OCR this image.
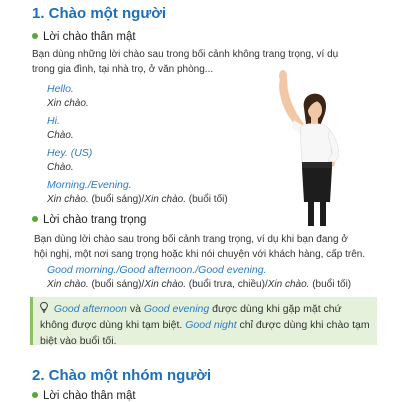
1. Chào một người
Lời chào thân mật
Bạn dùng những lời chào sau trong bối cảnh không trang trọng, ví dụ
trong gia đình, tại nhà trọ, ở văn phòng...
Hello.
Xin chào.
Hi.
Chào.
Hey. (US)
Chào.
Morning./Evening.
Xin chào. (buổi sáng)/Xin chào. (buổi tối)
Lời chào trang trọng
Bạn dùng lời chào sau trong bối cảnh trang trọng, ví dụ khi bạn đang ở
hội nghị, một nơi sang trọng hoặc khi nói chuyện với khách hàng, cấp trên.
Good morning./Good afternoon./Good evening.
Xin chào. (buổi sáng)/Xin chào. (buổi trưa, chiều)/Xin chào. (buổi tối)
Good afternoon và Good evening được dùng khi gặp mặt chứ không được dùng khi tạm biệt. Good night chỉ được dùng khi chào tạm biệt vào buổi tối.
2. Chào một nhóm người
Lời chào thân mật
